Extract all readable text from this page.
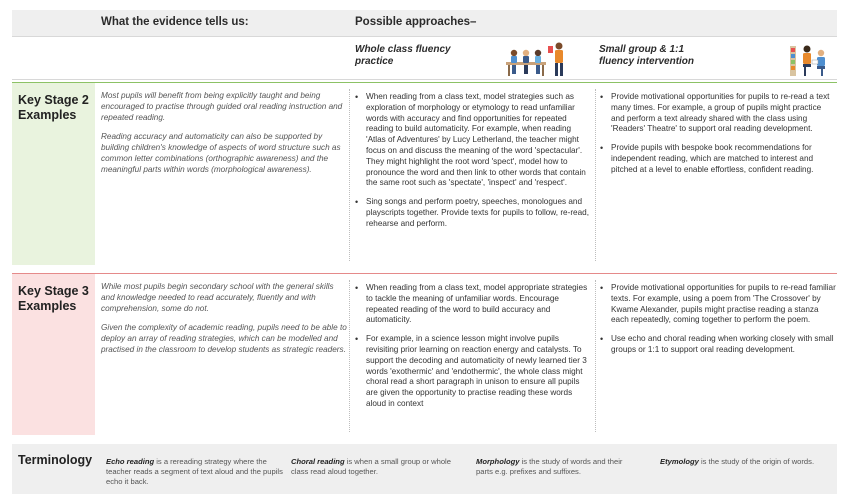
What the evidence tells us:	Possible approaches–
Whole class fluency practice
Small group & 1:1 fluency intervention
Key Stage 2 Examples

Most pupils will benefit from being explicitly taught and being encouraged to practise through guided oral reading instruction and repeated reading.

Reading accuracy and automaticity can also be supported by building children's knowledge of aspects of word structure such as common letter combinations (orthographic awareness) and the meaningful parts within words (morphological awareness).

• When reading from a class text, model strategies such as exploration of morphology or etymology to read unfamiliar words with accuracy and find opportunities for repeated reading to build automaticity. For example, when reading 'Atlas of Adventures' by Lucy Letherland, the teacher might focus on and discuss the meaning of the word 'spectacular'. They might highlight the root word 'spect', model how to pronounce the word and then link to other words that contain the same root such as 'spectate', 'inspect' and 'respect'.
• Sing songs and perform poetry, speeches, monologues and playscripts together. Provide texts for pupils to follow, re-read, rehearse and perform.
• Provide motivational opportunities for pupils to re-read a text many times. For example, a group of pupils might practice and perform a text already shared with the class using 'Readers' Theatre' to support oral reading development.
• Provide pupils with bespoke book recommendations for independent reading, which are matched to interest and pitched at a level to enable effortless, confident reading.
Key Stage 3 Examples

While most pupils begin secondary school with the general skills and knowledge needed to read accurately, fluently and with comprehension, some do not.

Given the complexity of academic reading, pupils need to be able to deploy an array of reading strategies, which can be modelled and practised in the classroom to develop students as strategic readers.

• When reading from a class text, model appropriate strategies to tackle the meaning of unfamiliar words. Encourage repeated reading of the word to build accuracy and automaticity.
• For example, in a science lesson might involve pupils revisiting prior learning on reaction energy and catalysts. To support the decoding and automaticity of newly learned tier 3 words 'exothermic' and 'endothermic', the whole class might choral read a short paragraph in unison to ensure all pupils are given the opportunity to practise reading these words aloud in context
• Provide motivational opportunities for pupils to re-read familiar texts. For example, using a poem from 'The Crossover' by Kwame Alexander, pupils might practise reading a stanza each repeatedly, coming together to perform the poem.
• Use echo and choral reading when working closely with small groups or 1:1 to support oral reading development.
Terminology Echo reading is a rereading strategy where the teacher reads a segment of text aloud and the pupils echo it back.
Choral reading is when a small group or whole class read aloud together.
Morphology is the study of words and their parts e.g. prefixes and suffixes.
Etymology is the study of the origin of words.
